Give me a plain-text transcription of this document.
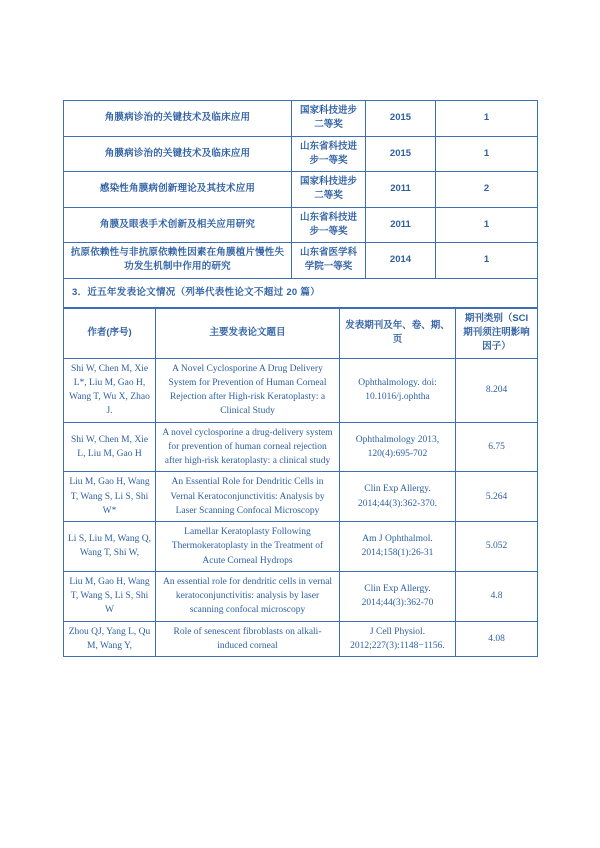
角膜病诊治的关键技术及临床应用	国家科技进步二等奖	2015	1
角膜病诊治的关键技术及临床应用	山东省科技进步一等奖	2015	1
感染性角膜病创新理论及其技术应用	国家科技进步二等奖	2011	2
角膜及眼表手术创新及相关应用研究	山东省科技进步一等奖	2011	1
抗原依赖性与非抗原依赖性因素在角膜植片慢性失功发生机制中作用的研究	山东省医学科学院一等奖	2014	1
3．近五年发表论文情况（列举代表性论文不超过 20 篇）			
作者(序号)	主要发表论文题目	发表期刊及年、卷、期、页	期刊类别（SCI 期刊须注明影响因子）
Shi W, Chen M, Xie L*, Liu M, Gao H, Wang T, Wu X, Zhao J.	A Novel Cyclosporine A Drug Delivery System for Prevention of Human Corneal Rejection after High-risk Keratoplasty: a Clinical Study	Ophthalmology. doi: 10.1016/j.ophtha	8.204
Shi W, Chen M, Xie L, Liu M, Gao H	A novel cyclosporine a drug-delivery system for prevention of human corneal rejection after high-risk keratoplasty: a clinical study	Ophthalmology 2013, 120(4):695-702	6.75
Liu M, Gao H, Wang T, Wang S, Li S, Shi W*	An Essential Role for Dendritic Cells in Vernal Keratoconjunctivitis: Analysis by Laser Scanning Confocal Microscopy	Clin Exp Allergy. 2014;44(3):362-370.	5.264
Li S, Liu M, Wang Q, Wang T, Shi W,	Lamellar Keratoplasty Following Thermokeratoplasty in the Treatment of Acute Corneal Hydrops	Am J Ophthalmol. 2014;158(1):26-31	5.052
Liu M, Gao H, Wang T, Wang S, Li S, Shi W	An essential role for dendritic cells in vernal keratoconjunctivitis: analysis by laser scanning confocal microscopy	Clin Exp Allergy. 2014;44(3):362-70	4.8
Zhou QJ, Yang L, Qu M, Wang Y,	Role of senescent fibroblasts on alkali-induced corneal	J Cell Physiol. 2012;227(3):1148−1156.	4.08
